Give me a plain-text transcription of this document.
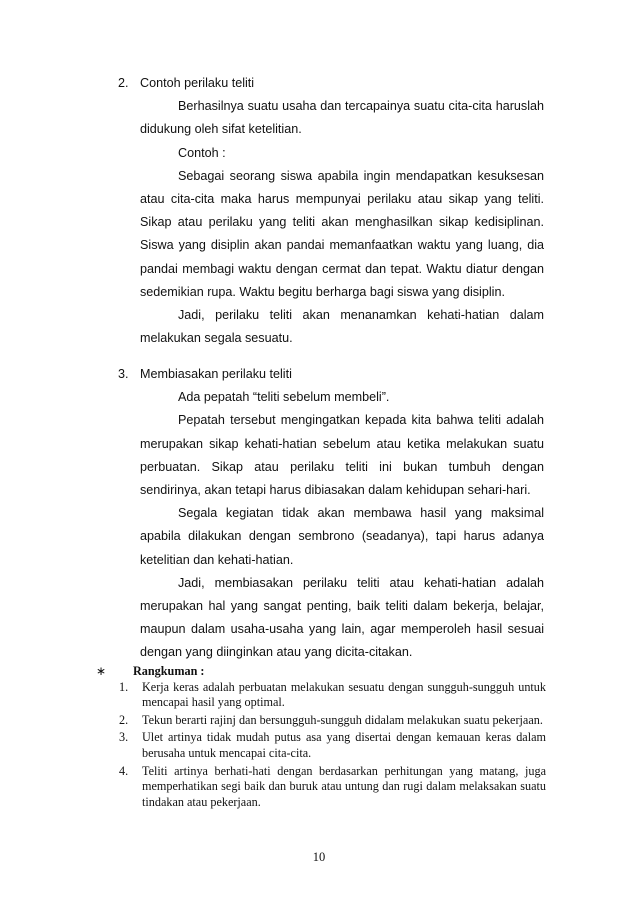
2. Contoh perilaku teliti

Berhasilnya suatu usaha dan tercapainya suatu cita-cita haruslah didukung oleh sifat ketelitian.

Contoh :

Sebagai seorang siswa apabila ingin mendapatkan kesuksesan atau cita-cita maka harus mempunyai perilaku atau sikap yang teliti. Sikap atau perilaku yang teliti akan menghasilkan sikap kedisiplinan. Siswa yang disiplin akan pandai memanfaatkan waktu yang luang, dia pandai membagi waktu dengan cermat dan tepat. Waktu diatur dengan sedemikian rupa. Waktu begitu berharga bagi siswa yang disiplin.

Jadi, perilaku teliti akan menanamkan kehati-hatian dalam melakukan segala sesuatu.

3. Membiasakan perilaku teliti

Ada pepatah “teliti sebelum membeli”.

Pepatah tersebut mengingatkan kepada kita bahwa teliti adalah merupakan sikap kehati-hatian sebelum atau ketika melakukan suatu perbuatan. Sikap atau perilaku teliti ini bukan tumbuh dengan sendirinya, akan tetapi harus dibiasakan dalam kehidupan sehari-hari.

Segala kegiatan tidak akan membawa hasil yang maksimal apabila dilakukan dengan sembrono (seadanya), tapi harus adanya ketelitian dan kehati-hatian.

Jadi, membiasakan perilaku teliti atau kehati-hatian adalah merupakan hal yang sangat penting, baik teliti dalam bekerja, belajar, maupun dalam usaha-usaha yang lain, agar memperoleh hasil sesuai dengan yang diinginkan atau yang dicita-citakan.

∗	Rangkuman :
1.	Kerja keras adalah perbuatan melakukan sesuatu dengan sungguh-sungguh untuk mencapai hasil yang optimal.
2.	Tekun berarti rajinj dan bersungguh-sungguh didalam melakukan suatu pekerjaan.
3.	Ulet artinya tidak mudah putus asa yang disertai dengan kemauan keras dalam berusaha untuk mencapai cita-cita.
4.	Teliti artinya berhati-hati dengan berdasarkan perhitungan yang matang, juga memperhatikan segi baik dan buruk atau untung dan rugi dalam melaksakan suatu tindakan atau pekerjaan.
10
